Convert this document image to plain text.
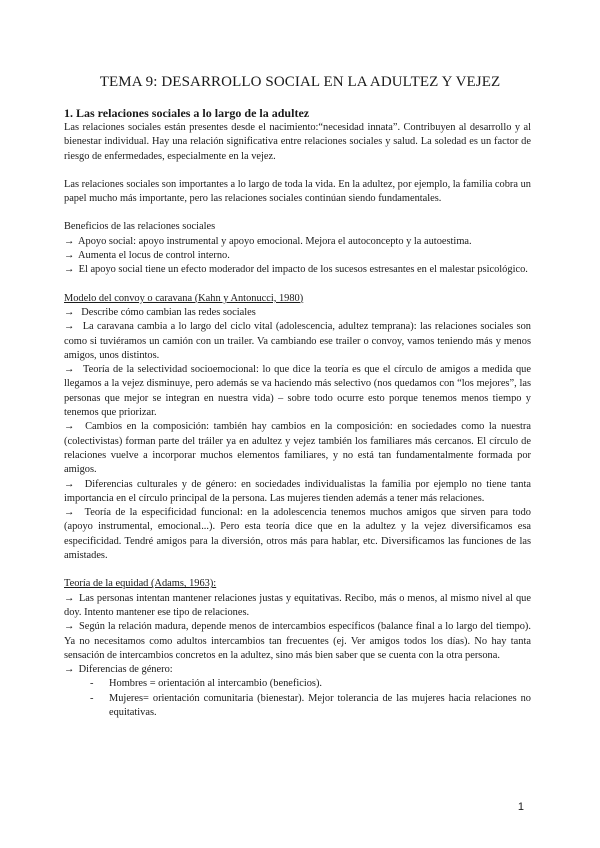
TEMA 9: DESARROLLO SOCIAL EN LA ADULTEZ Y VEJEZ

1. Las relaciones sociales a lo largo de la adultez

Las relaciones sociales están presentes desde el nacimiento:“necesidad innata”. Contribuyen al desarrollo y al bienestar individual. Hay una relación significativa entre relaciones sociales y salud. La soledad es un factor de riesgo de enfermedades, especialmente en la vejez.

Las relaciones sociales son importantes a lo largo de toda la vida. En la adultez, por ejemplo, la familia cobra un papel mucho más importante, pero las relaciones sociales continúan siendo fundamentales.

Beneficios de las relaciones sociales

→ Apoyo social: apoyo instrumental y apoyo emocional. Mejora el autoconcepto y la autoestima.

→ Aumenta el locus de control interno.

→ El apoyo social tiene un efecto moderador del impacto de los sucesos estresantes en el malestar psicológico.

Modelo del convoy o caravana (Kahn y Antonucci, 1980)

→ Describe cómo cambian las redes sociales

→ La caravana cambia a lo largo del ciclo vital (adolescencia, adultez temprana): las relaciones sociales son como si tuviéramos un camión con un trailer. Va cambiando ese trailer o convoy, vamos teniendo más y menos amigos, unos distintos.

→ Teoría de la selectividad socioemocional: lo que dice la teoría es que el círculo de amigos a medida que llegamos a la vejez disminuye, pero además se va haciendo más selectivo (nos quedamos con “los mejores”, las personas que mejor se integran en nuestra vida) – sobre todo ocurre esto porque tenemos menos tiempo y tenemos que priorizar.

→ Cambios en la composición: también hay cambios en la composición: en sociedades como la nuestra (colectivistas) forman parte del tráiler ya en adultez y vejez también los familiares más cercanos. El círculo de relaciones vuelve a incorporar muchos elementos familiares, y no está tan fundamentalmente formada por amigos.

→ Diferencias culturales y de género: en sociedades individualistas la familia por ejemplo no tiene tanta importancia en el círculo principal de la persona. Las mujeres tienden además a tener más relaciones.

→ Teoría de la especificidad funcional: en la adolescencia tenemos muchos amigos que sirven para todo (apoyo instrumental, emocional...). Pero esta teoría dice que en la adultez y la vejez diversificamos esa especificidad. Tendré amigos para la diversión, otros más para hablar, etc. Diversificamos las funciones de las amistades.

Teoría de la equidad (Adams, 1963):

→ Las personas intentan mantener relaciones justas y equitativas. Recibo, más o menos, al mismo nivel al que doy. Intento mantener ese tipo de relaciones.

→ Según la relación madura, depende menos de intercambios específicos (balance final a lo largo del tiempo). Ya no necesitamos como adultos intercambios tan frecuentes (ej. Ver amigos todos los días). No hay tanta sensación de intercambios concretos en la adultez, sino más bien saber que se cuenta con la otra persona.

→ Diferencias de género:

-	Hombres = orientación al intercambio (beneficios).
-	Mujeres= orientación comunitaria (bienestar). Mejor tolerancia de las mujeres hacia relaciones no equitativas.
1
